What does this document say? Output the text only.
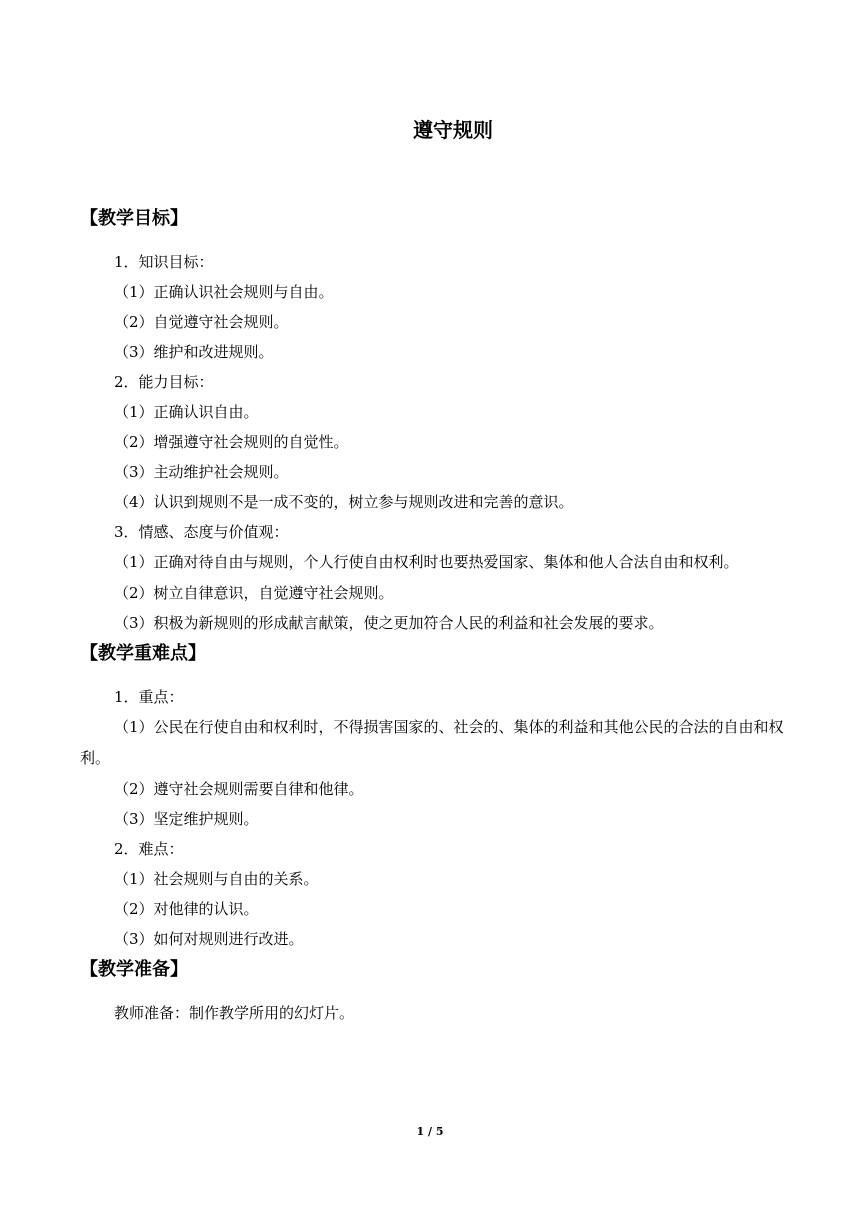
遵守规则
【教学目标】
1．知识目标：
（1）正确认识社会规则与自由。
（2）自觉遵守社会规则。
（3）维护和改进规则。
2．能力目标：
（1）正确认识自由。
（2）增强遵守社会规则的自觉性。
（3）主动维护社会规则。
（4）认识到规则不是一成不变的，树立参与规则改进和完善的意识。
3．情感、态度与价值观：
（1）正确对待自由与规则，个人行使自由权利时也要热爱国家、集体和他人合法自由和权利。
（2）树立自律意识，自觉遵守社会规则。
（3）积极为新规则的形成献言献策，使之更加符合人民的利益和社会发展的要求。
【教学重难点】
1．重点：
（1）公民在行使自由和权利时，不得损害国家的、社会的、集体的利益和其他公民的合法的自由和权利。
（2）遵守社会规则需要自律和他律。
（3）坚定维护规则。
2．难点：
（1）社会规则与自由的关系。
（2）对他律的认识。
（3）如何对规则进行改进。
【教学准备】
教师准备：制作教学所用的幻灯片。
1 / 5
